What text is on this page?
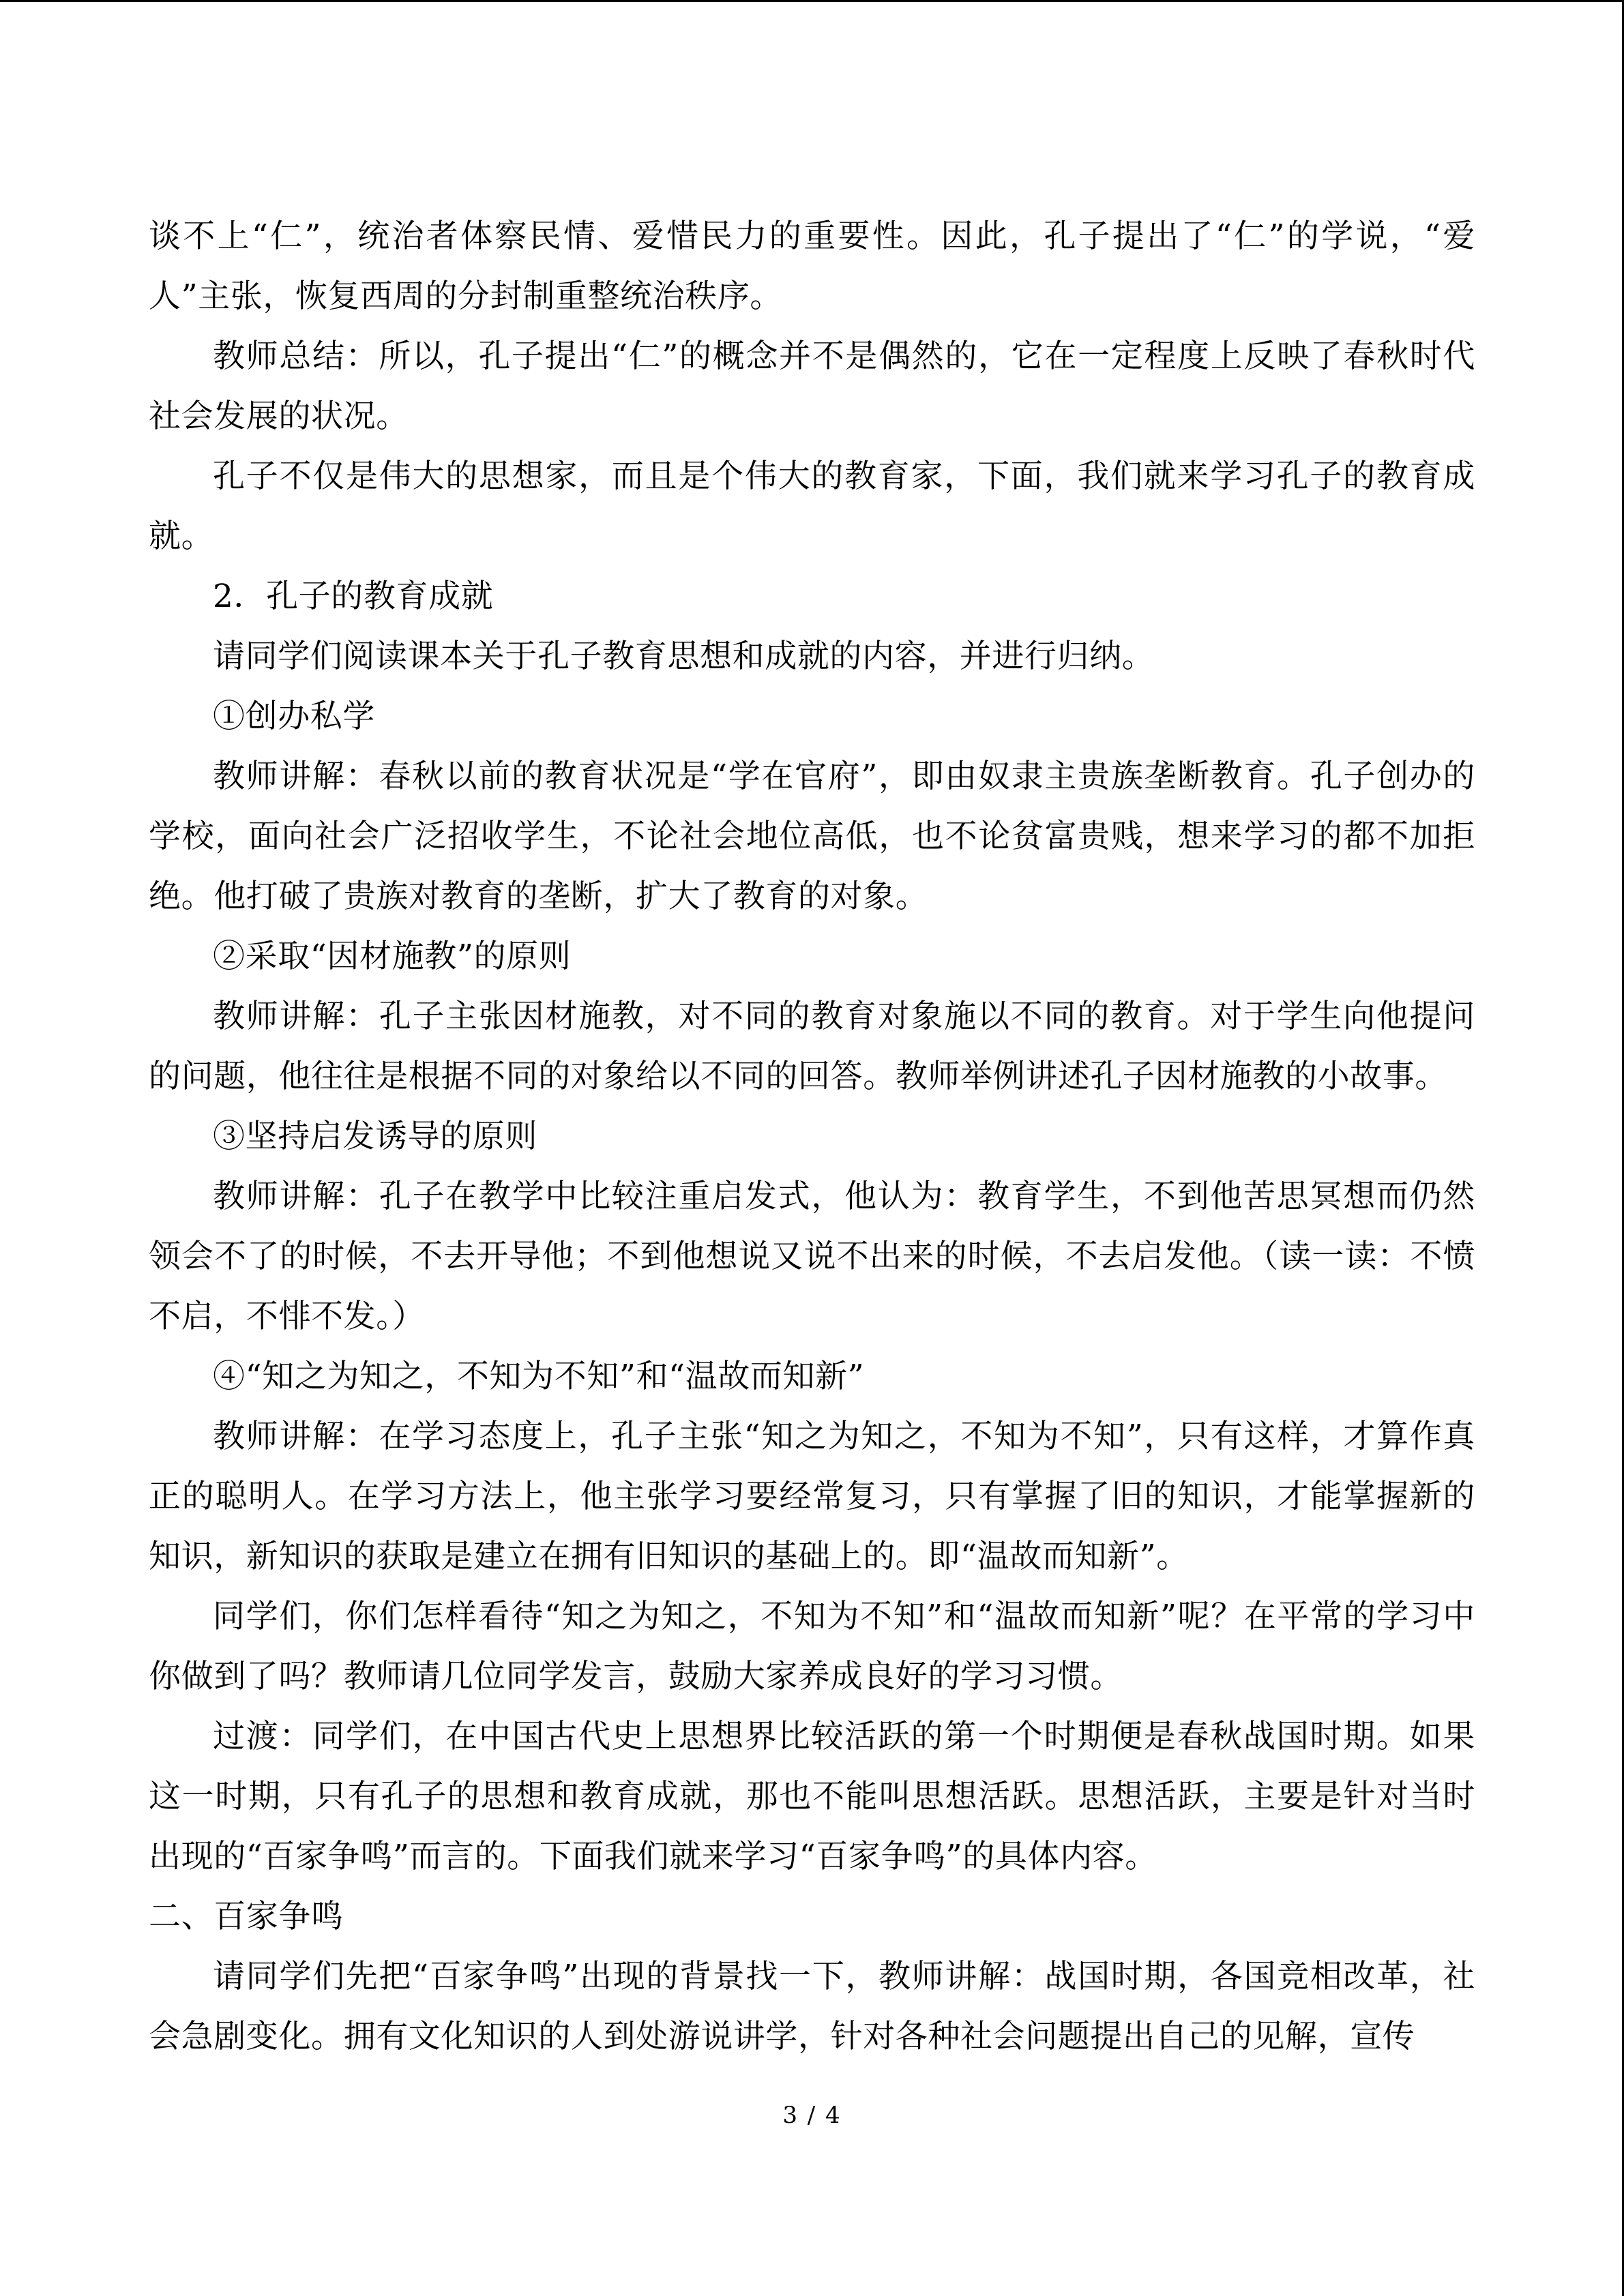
谈不上“仁”，统治者体察民情、爱惜民力的重要性。因此，孔子提出了“仁”的学说，“爱人”主张，恢复西周的分封制重整统治秩序。

教师总结：所以，孔子提出“仁”的概念并不是偶然的，它在一定程度上反映了春秋时代社会发展的状况。

孔子不仅是伟大的思想家，而且是个伟大的教育家，下面，我们就来学习孔子的教育成就。

2．孔子的教育成就

请同学们阅读课本关于孔子教育思想和成就的内容，并进行归纳。

①创办私学

教师讲解：春秋以前的教育状况是“学在官府”，即由奴隶主贵族垄断教育。孔子创办的学校，面向社会广泛招收学生，不论社会地位高低，也不论贫富贵贱，想来学习的都不加拒绝。他打破了贵族对教育的垄断，扩大了教育的对象。

②采取“因材施教”的原则

教师讲解：孔子主张因材施教，对不同的教育对象施以不同的教育。对于学生向他提问的问题，他往往是根据不同的对象给以不同的回答。教师举例讲述孔子因材施教的小故事。

③坚持启发诱导的原则

教师讲解：孔子在教学中比较注重启发式，他认为：教育学生，不到他苦思冥想而仍然领会不了的时候，不去开导他；不到他想说又说不出来的时候，不去启发他。（读一读：不愤不启，不悱不发。）

④“知之为知之，不知为不知”和“温故而知新”

教师讲解：在学习态度上，孔子主张“知之为知之，不知为不知”，只有这样，才算作真正的聪明人。在学习方法上，他主张学习要经常复习，只有掌握了旧的知识，才能掌握新的知识，新知识的获取是建立在拥有旧知识的基础上的。即“温故而知新”。

同学们，你们怎样看待“知之为知之，不知为不知”和“温故而知新”呢？在平常的学习中你做到了吗？教师请几位同学发言，鼓励大家养成良好的学习习惯。

过渡：同学们，在中国古代史上思想界比较活跃的第一个时期便是春秋战国时期。如果这一时期，只有孔子的思想和教育成就，那也不能叫思想活跃。思想活跃，主要是针对当时出现的“百家争鸣”而言的。下面我们就来学习“百家争鸣”的具体内容。

二、百家争鸣

请同学们先把“百家争鸣”出现的背景找一下，教师讲解：战国时期，各国竞相改革，社会急剧变化。拥有文化知识的人到处游说讲学，针对各种社会问题提出自己的见解，宣传

3 / 4
